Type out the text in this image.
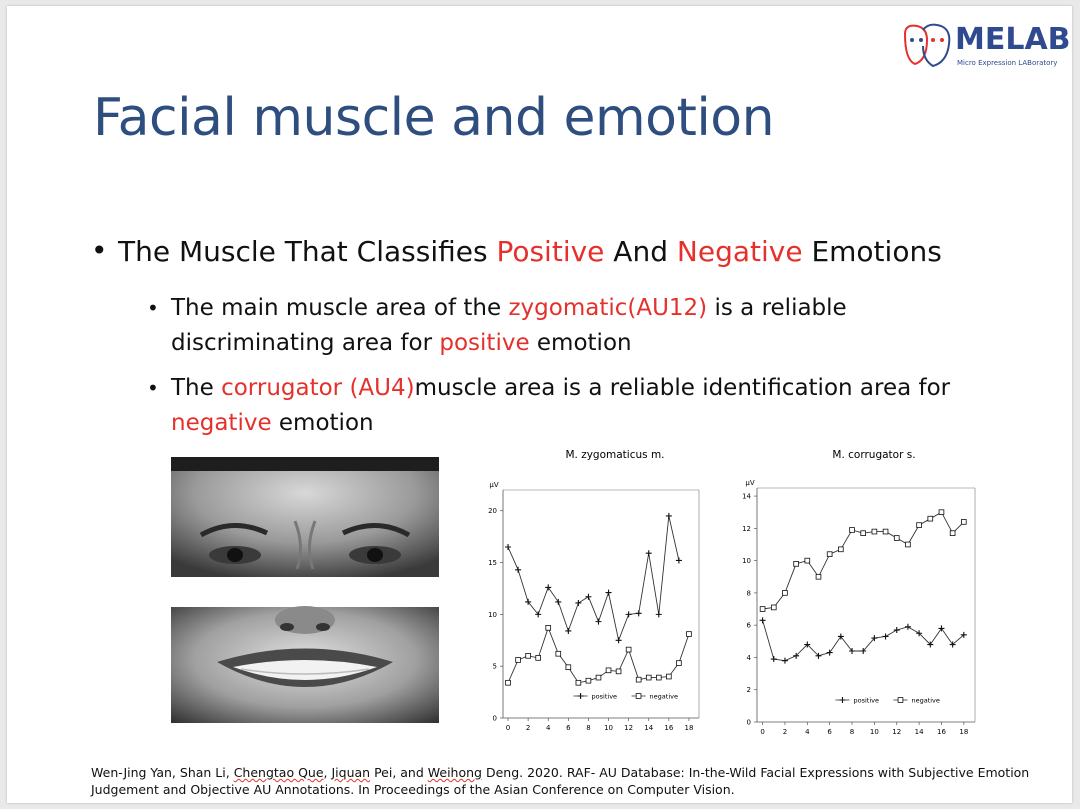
MELAB
Micro Expression LABoratory
Facial muscle and emotion
• The Muscle That Classifies Positive And Negative Emotions
• The main muscle area of the zygomatic(AU12) is a reliable discriminating area for positive emotion
• The corrugator (AU4)muscle area is a reliable identification area for negative emotion
M. zygomaticus m.
μV
0
5
10
15
20
0 2 4 6 8 10 12 14 16 18
positive	negative
M. corrugator s.
μV
0
2
4
6
8
10
12
14
0	2	4	6	8 10 12 14 16 18
positive	negative
Wen-Jing Yan, Shan Li, Chengtao Que, Jiquan Pei, and Weihong Deng. 2020. RAF- AU Database: In-the-Wild Facial Expressions with Subjective Emotion Judgement and Objective AU Annotations. In Proceedings of the Asian Conference on Computer Vision.
